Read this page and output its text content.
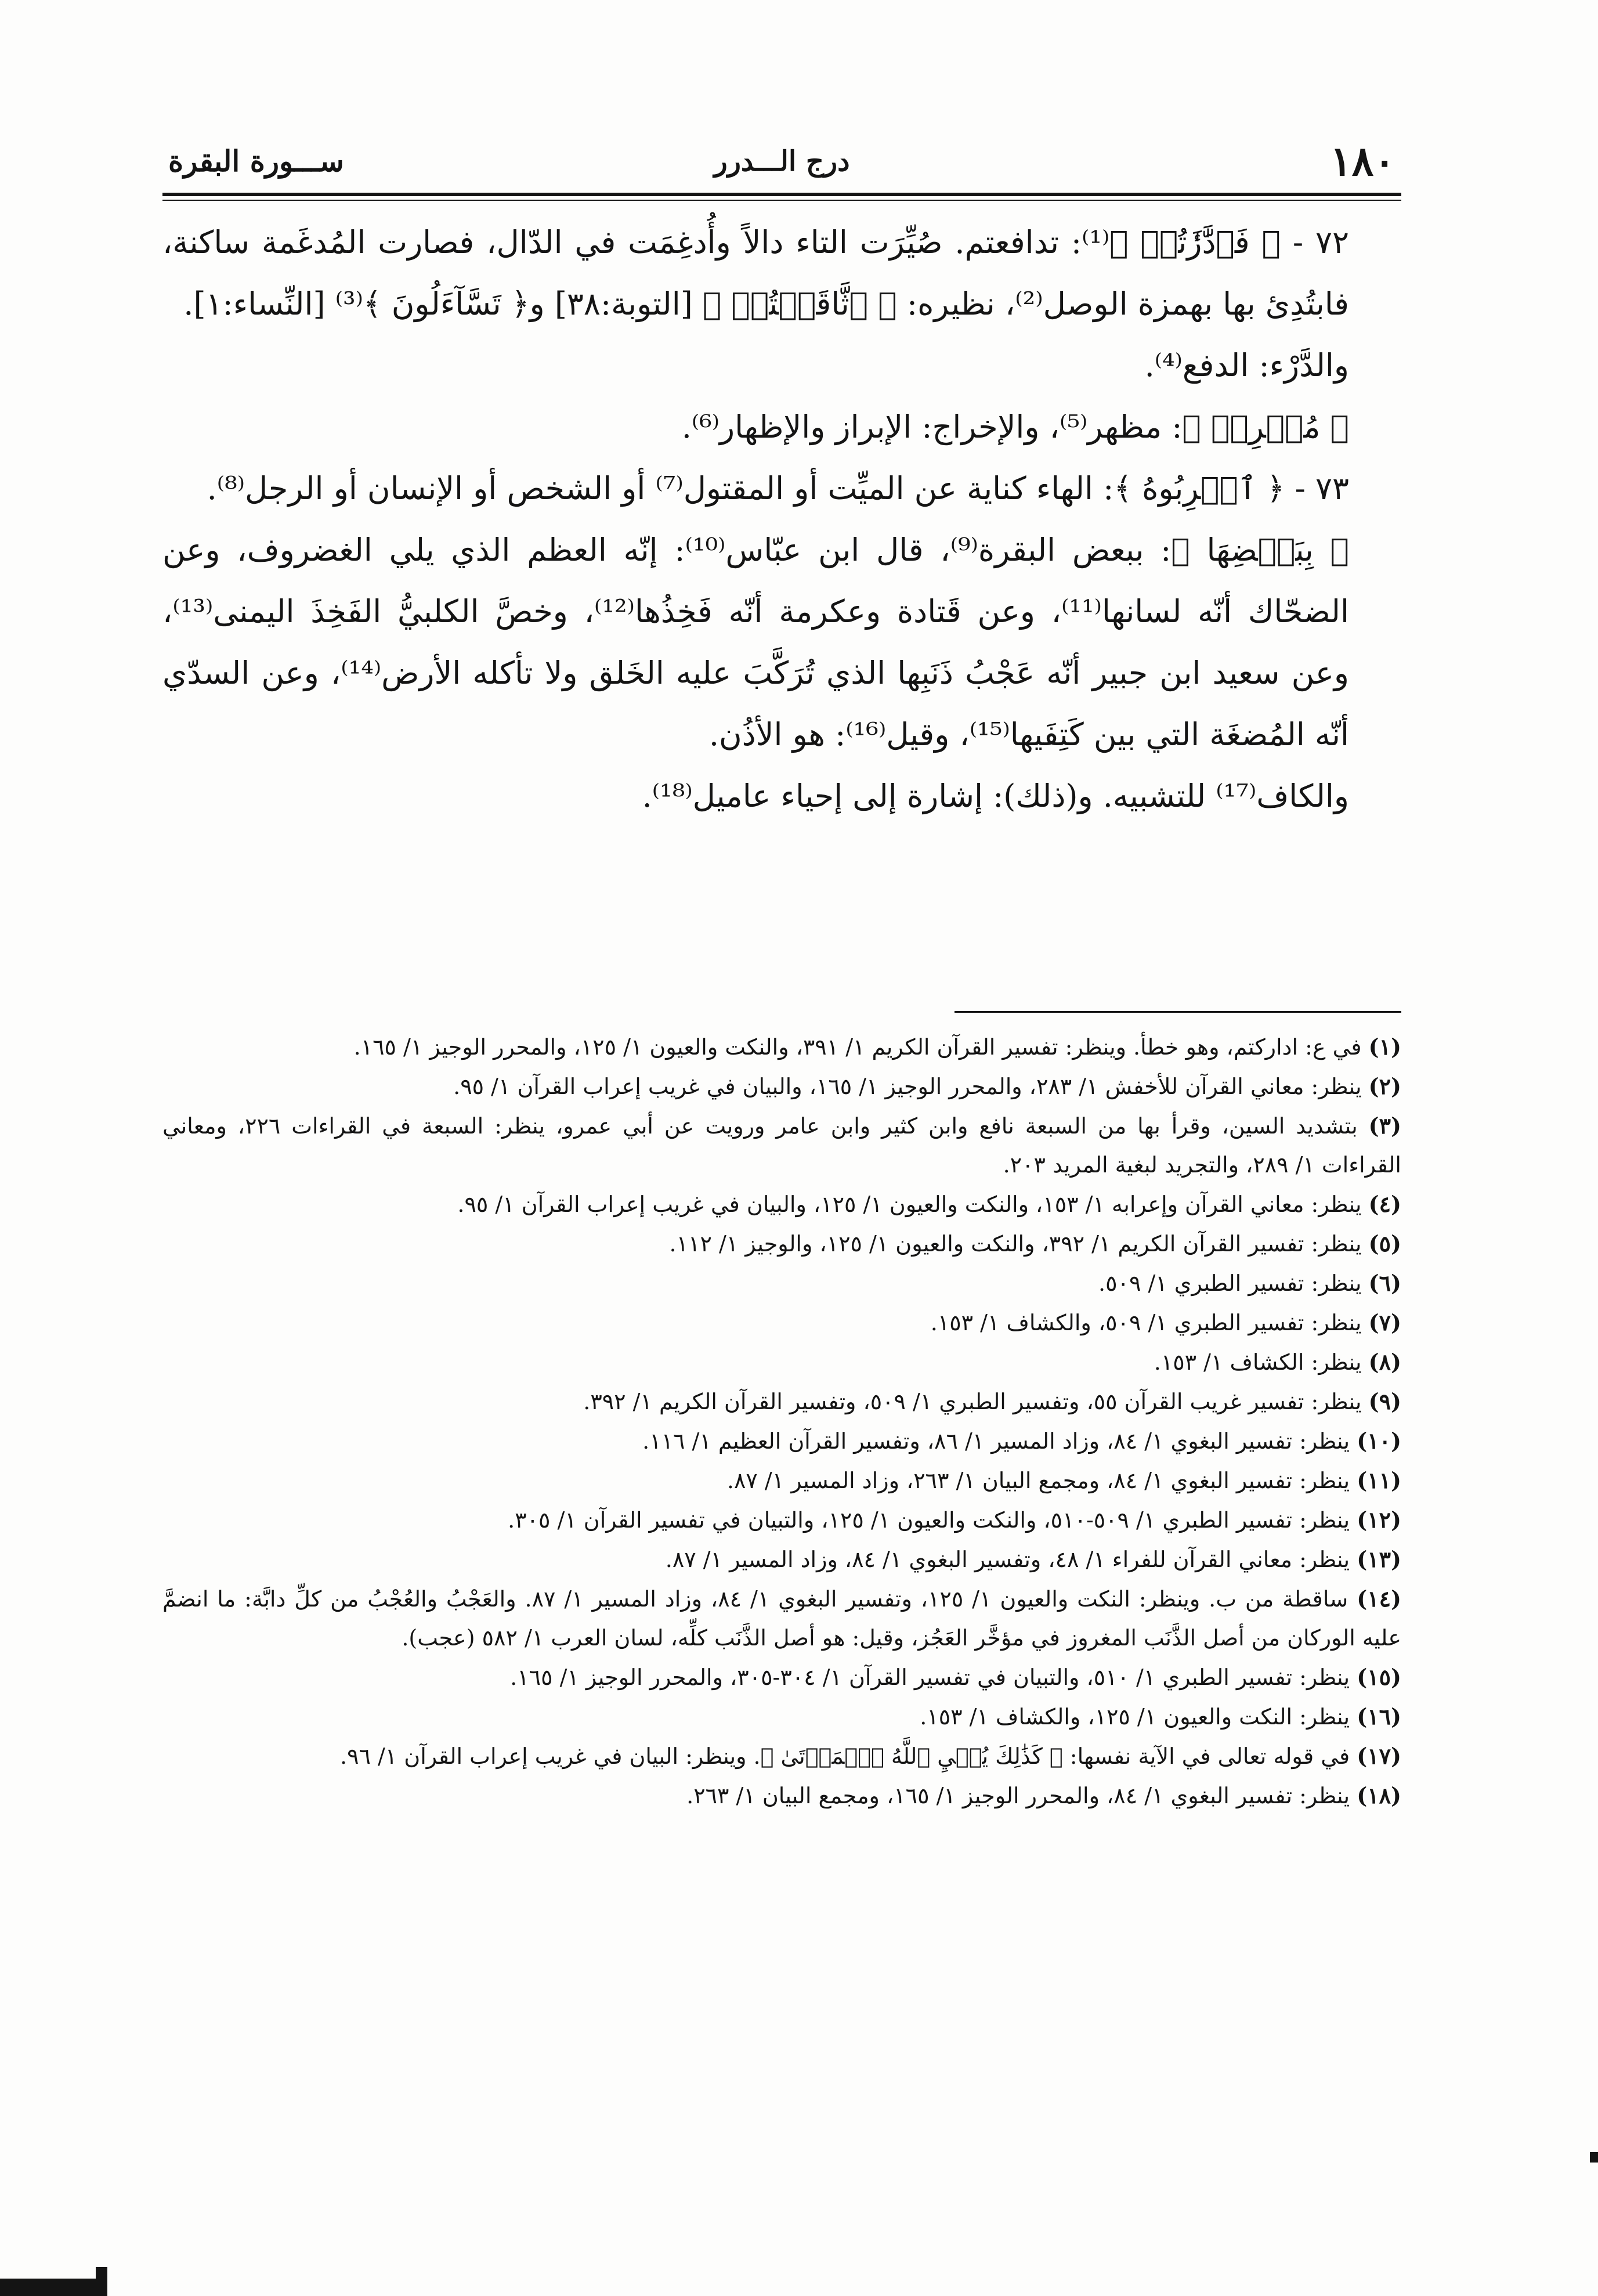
١٨٠
درج الـــدرر
ســـورة البقرة

٧٢ - ﴿ فَٱدَّٰرَٰٔتُمۡ ﴾⁽¹⁾: تدافعتم. صُيِّرَت التاء دالاً وأُدغِمَت في الدّال، فصارت المُدغَمة ساكنة، فابتُدِئ بها بهمزة الوصل⁽²⁾، نظيره: ﴿ ٱثَّاقَلۡتُمۡ ﴾ [التوبة:٣٨] و﴿ تَسَّآءَلُونَ ﴾⁽³⁾ [النِّساء:١].

والدَّرْء: الدفع⁽⁴⁾.

﴿ مُخۡرِجٞ ﴾: مظهر⁽⁵⁾، والإخراج: الإبراز والإظهار⁽⁶⁾.

٧٣ - ﴿ ٱضۡرِبُوهُ ﴾: الهاء كناية عن الميِّت أو المقتول⁽⁷⁾ أو الشخص أو الإنسان أو الرجل⁽⁸⁾.

﴿ بِبَعۡضِهَا ﴾: ببعض البقرة⁽⁹⁾، قال ابن عبّاس⁽¹⁰⁾: إنّه العظم الذي يلي الغضروف، وعن الضحّاك أنّه لسانها⁽¹¹⁾، وعن قَتادة وعكرمة أنّه فَخِذُها⁽¹²⁾، وخصَّ الكلبيُّ الفَخِذَ اليمنى⁽¹³⁾، وعن سعيد ابن جبير أنّه عَجْبُ ذَنَبِها الذي تُرَكَّبَ عليه الخَلق ولا تأكله الأرض⁽¹⁴⁾، وعن السدّي أنّه المُضغَة التي بين كَتِفَيها⁽¹⁵⁾، وقيل⁽¹⁶⁾: هو الأذُن.

والكاف⁽¹⁷⁾ للتشبيه. و(ذلك): إشارة إلى إحياء عاميل⁽¹⁸⁾.

(١) في ع: ادارکتم، وهو خطأ. وينظر: تفسير القرآن الكريم ١/ ٣٩١، والنكت والعيون ١/ ١٢٥، والمحرر الوجيز ١/ ١٦٥.

(٢) ينظر: معاني القرآن للأخفش ١/ ٢٨٣، والمحرر الوجيز ١/ ١٦٥، والبيان في غريب إعراب القرآن ١/ ٩٥.

(٣) بتشديد السين، وقرأ بها من السبعة نافع وابن كثير وابن عامر ورويت عن أبي عمرو، ينظر: السبعة في القراءات ٢٢٦، ومعاني القراءات ١/ ٢٨٩، والتجريد لبغية المريد ٢٠٣.

(٤) ينظر: معاني القرآن وإعرابه ١/ ١٥٣، والنكت والعيون ١/ ١٢٥، والبيان في غريب إعراب القرآن ١/ ٩٥.

(٥) ينظر: تفسير القرآن الكريم ١/ ٣٩٢، والنكت والعيون ١/ ١٢٥، والوجيز ١/ ١١٢.

(٦) ينظر: تفسير الطبري ١/ ٥٠٩.

(٧) ينظر: تفسير الطبري ١/ ٥٠٩، والكشاف ١/ ١٥٣.

(٨) ينظر: الكشاف ١/ ١٥٣.

(٩) ينظر: تفسير غريب القرآن ٥٥، وتفسير الطبري ١/ ٥٠٩، وتفسير القرآن الكريم ١/ ٣٩٢.

(١٠) ينظر: تفسير البغوي ١/ ٨٤، وزاد المسير ١/ ٨٦، وتفسير القرآن العظيم ١/ ١١٦.

(١١) ينظر: تفسير البغوي ١/ ٨٤، ومجمع البيان ١/ ٢٦٣، وزاد المسير ١/ ٨٧.

(١٢) ينظر: تفسير الطبري ١/ ٥٠٩-٥١٠، والنكت والعيون ١/ ١٢٥، والتبيان في تفسير القرآن ١/ ٣٠٥.

(١٣) ينظر: معاني القرآن للفراء ١/ ٤٨، وتفسير البغوي ١/ ٨٤، وزاد المسير ١/ ٨٧.

(١٤) ساقطة من ب. وينظر: النكت والعيون ١/ ١٢٥، وتفسير البغوي ١/ ٨٤، وزاد المسير ١/ ٨٧. والعَجْبُ والعُجْبُ من كلِّ دابَّة: ما انضمَّ عليه الوركان من أصل الذَّنَب المغروز في مؤخَّر العَجُز، وقيل: هو أصل الذَّنَب كلِّه، لسان العرب ١/ ٥٨٢ (عجب).

(١٥) ينظر: تفسير الطبري ١/ ٥١٠، والتبيان في تفسير القرآن ١/ ٣٠٤-٣٠٥، والمحرر الوجيز ١/ ١٦٥.

(١٦) ينظر: النكت والعيون ١/ ١٢٥، والكشاف ١/ ١٥٣.

(١٧) في قوله تعالى في الآية نفسها: ﴿ كَذَٰلِكَ يُحۡيِ ٱللَّهُ ٱلۡمَوۡتَىٰ ﴾. وينظر: البيان في غريب إعراب القرآن ١/ ٩٦.

(١٨) ينظر: تفسير البغوي ١/ ٨٤، والمحرر الوجيز ١/ ١٦٥، ومجمع البيان ١/ ٢٦٣.
